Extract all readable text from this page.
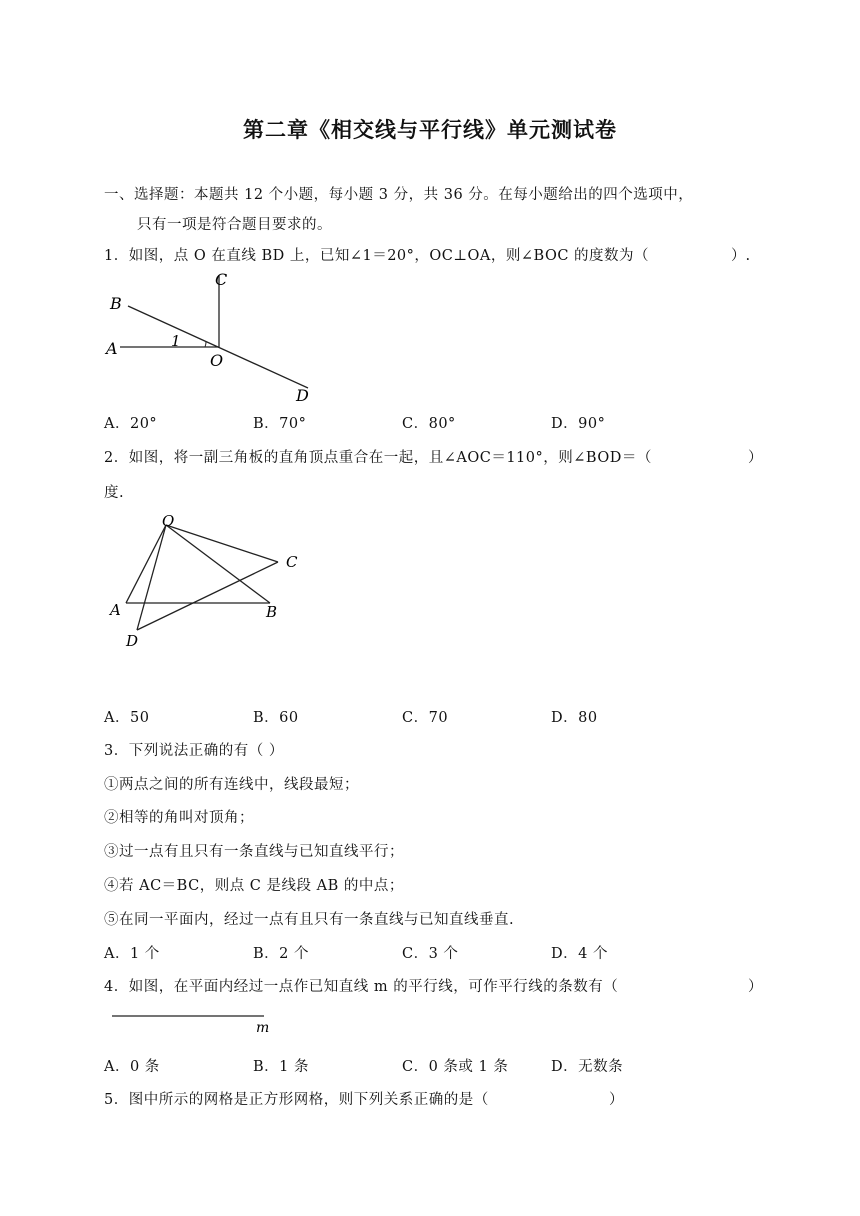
第二章《相交线与平行线》单元测试卷
一、选择题：本题共 12 个小题，每小题 3 分，共 36 分。在每小题给出的四个选项中，
只有一项是符合题目要求的。
1．如图，点 O 在直线 BD 上，已知∠1＝20°，OC⊥OA，则∠BOC 的度数为（	）.
B
C
A	1
O
D
A．20°	B．70°	C．80°	D．90°
2．如图，将一副三角板的直角顶点重合在一起，且∠AOC＝110°，则∠BOD＝（	）
度.
O
C
A	B
D
A．50	B．60	C．70	D．80
3．下列说法正确的有（ ）
①两点之间的所有连线中，线段最短；
②相等的角叫对顶角；
③过一点有且只有一条直线与已知直线平行；
④若 AC＝BC，则点 C 是线段 AB 的中点；
⑤在同一平面内，经过一点有且只有一条直线与已知直线垂直.
A．1 个	B．2 个	C．3 个	D．4 个
4．如图，在平面内经过一点作已知直线 m 的平行线，可作平行线的条数有（	）
m
A．0 条	B．1 条	C．0 条或 1 条	D．无数条
5．图中所示的网格是正方形网格，则下列关系正确的是（	）
